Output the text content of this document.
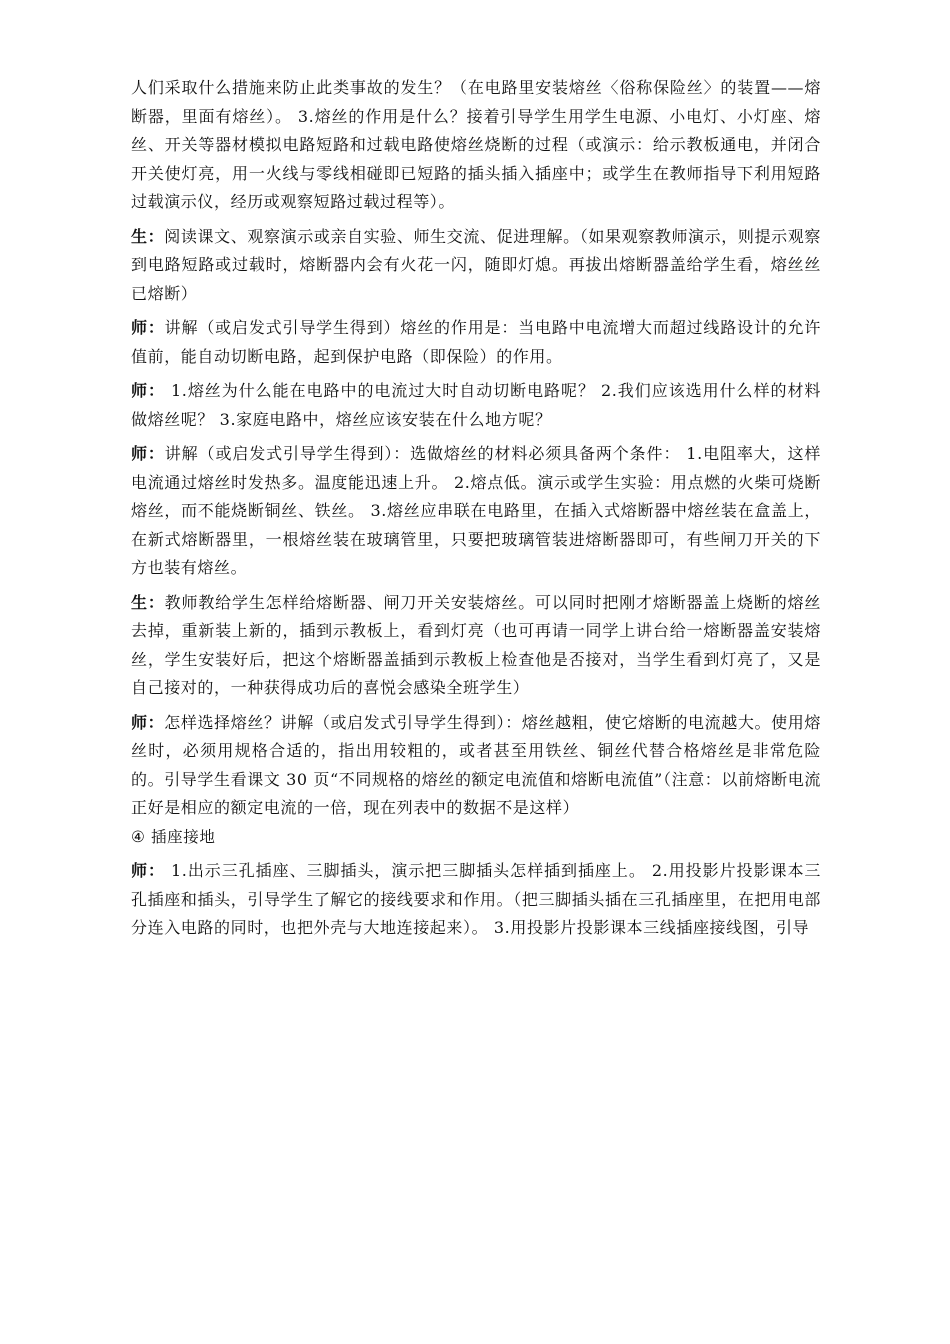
人们采取什么措施来防止此类事故的发生？（在电路里安装熔丝〈俗称保险丝〉的装置——熔断器，里面有熔丝）。 3.熔丝的作用是什么？接着引导学生用学生电源、小电灯、小灯座、熔丝、开关等器材模拟电路短路和过载电路使熔丝烧断的过程（或演示：给示教板通电，并闭合开关使灯亮，用一火线与零线相碰即已短路的插头插入插座中；或学生在教师指导下利用短路过载演示仪，经历或观察短路过载过程等）。

生：阅读课文、观察演示或亲自实验、师生交流、促进理解。（如果观察教师演示，则提示观察到电路短路或过载时，熔断器内会有火花一闪，随即灯熄。再拔出熔断器盖给学生看，熔丝丝已熔断）

师：讲解（或启发式引导学生得到）熔丝的作用是：当电路中电流增大而超过线路设计的允许值前，能自动切断电路，起到保护电路（即保险）的作用。

师： 1.熔丝为什么能在电路中的电流过大时自动切断电路呢？ 2.我们应该选用什么样的材料做熔丝呢？ 3.家庭电路中，熔丝应该安装在什么地方呢？

师：讲解（或启发式引导学生得到）：选做熔丝的材料必须具备两个条件： 1.电阻率大，这样电流通过熔丝时发热多。温度能迅速上升。 2.熔点低。演示或学生实验：用点燃的火柴可烧断熔丝，而不能烧断铜丝、铁丝。 3.熔丝应串联在电路里，在插入式熔断器中熔丝装在盒盖上，在新式熔断器里，一根熔丝装在玻璃管里，只要把玻璃管装进熔断器即可，有些闸刀开关的下方也装有熔丝。

生：教师教给学生怎样给熔断器、闸刀开关安装熔丝。可以同时把刚才熔断器盖上烧断的熔丝去掉，重新装上新的，插到示教板上，看到灯亮（也可再请一同学上讲台给一熔断器盖安装熔丝，学生安装好后，把这个熔断器盖插到示教板上检查他是否接对，当学生看到灯亮了，又是自己接对的，一种获得成功后的喜悦会感染全班学生）

师：怎样选择熔丝？讲解（或启发式引导学生得到）：熔丝越粗，使它熔断的电流越大。使用熔丝时，必须用规格合适的，指出用较粗的，或者甚至用铁丝、铜丝代替合格熔丝是非常危险的。引导学生看课文 30 页“不同规格的熔丝的额定电流值和熔断电流值”（注意：以前熔断电流正好是相应的额定电流的一倍，现在列表中的数据不是这样）

④ 插座接地

师： 1.出示三孔插座、三脚插头，演示把三脚插头怎样插到插座上。 2.用投影片投影课本三孔插座和插头，引导学生了解它的接线要求和作用。（把三脚插头插在三孔插座里，在把用电部分连入电路的同时，也把外壳与大地连接起来）。 3.用投影片投影课本三线插座接线图，引导
